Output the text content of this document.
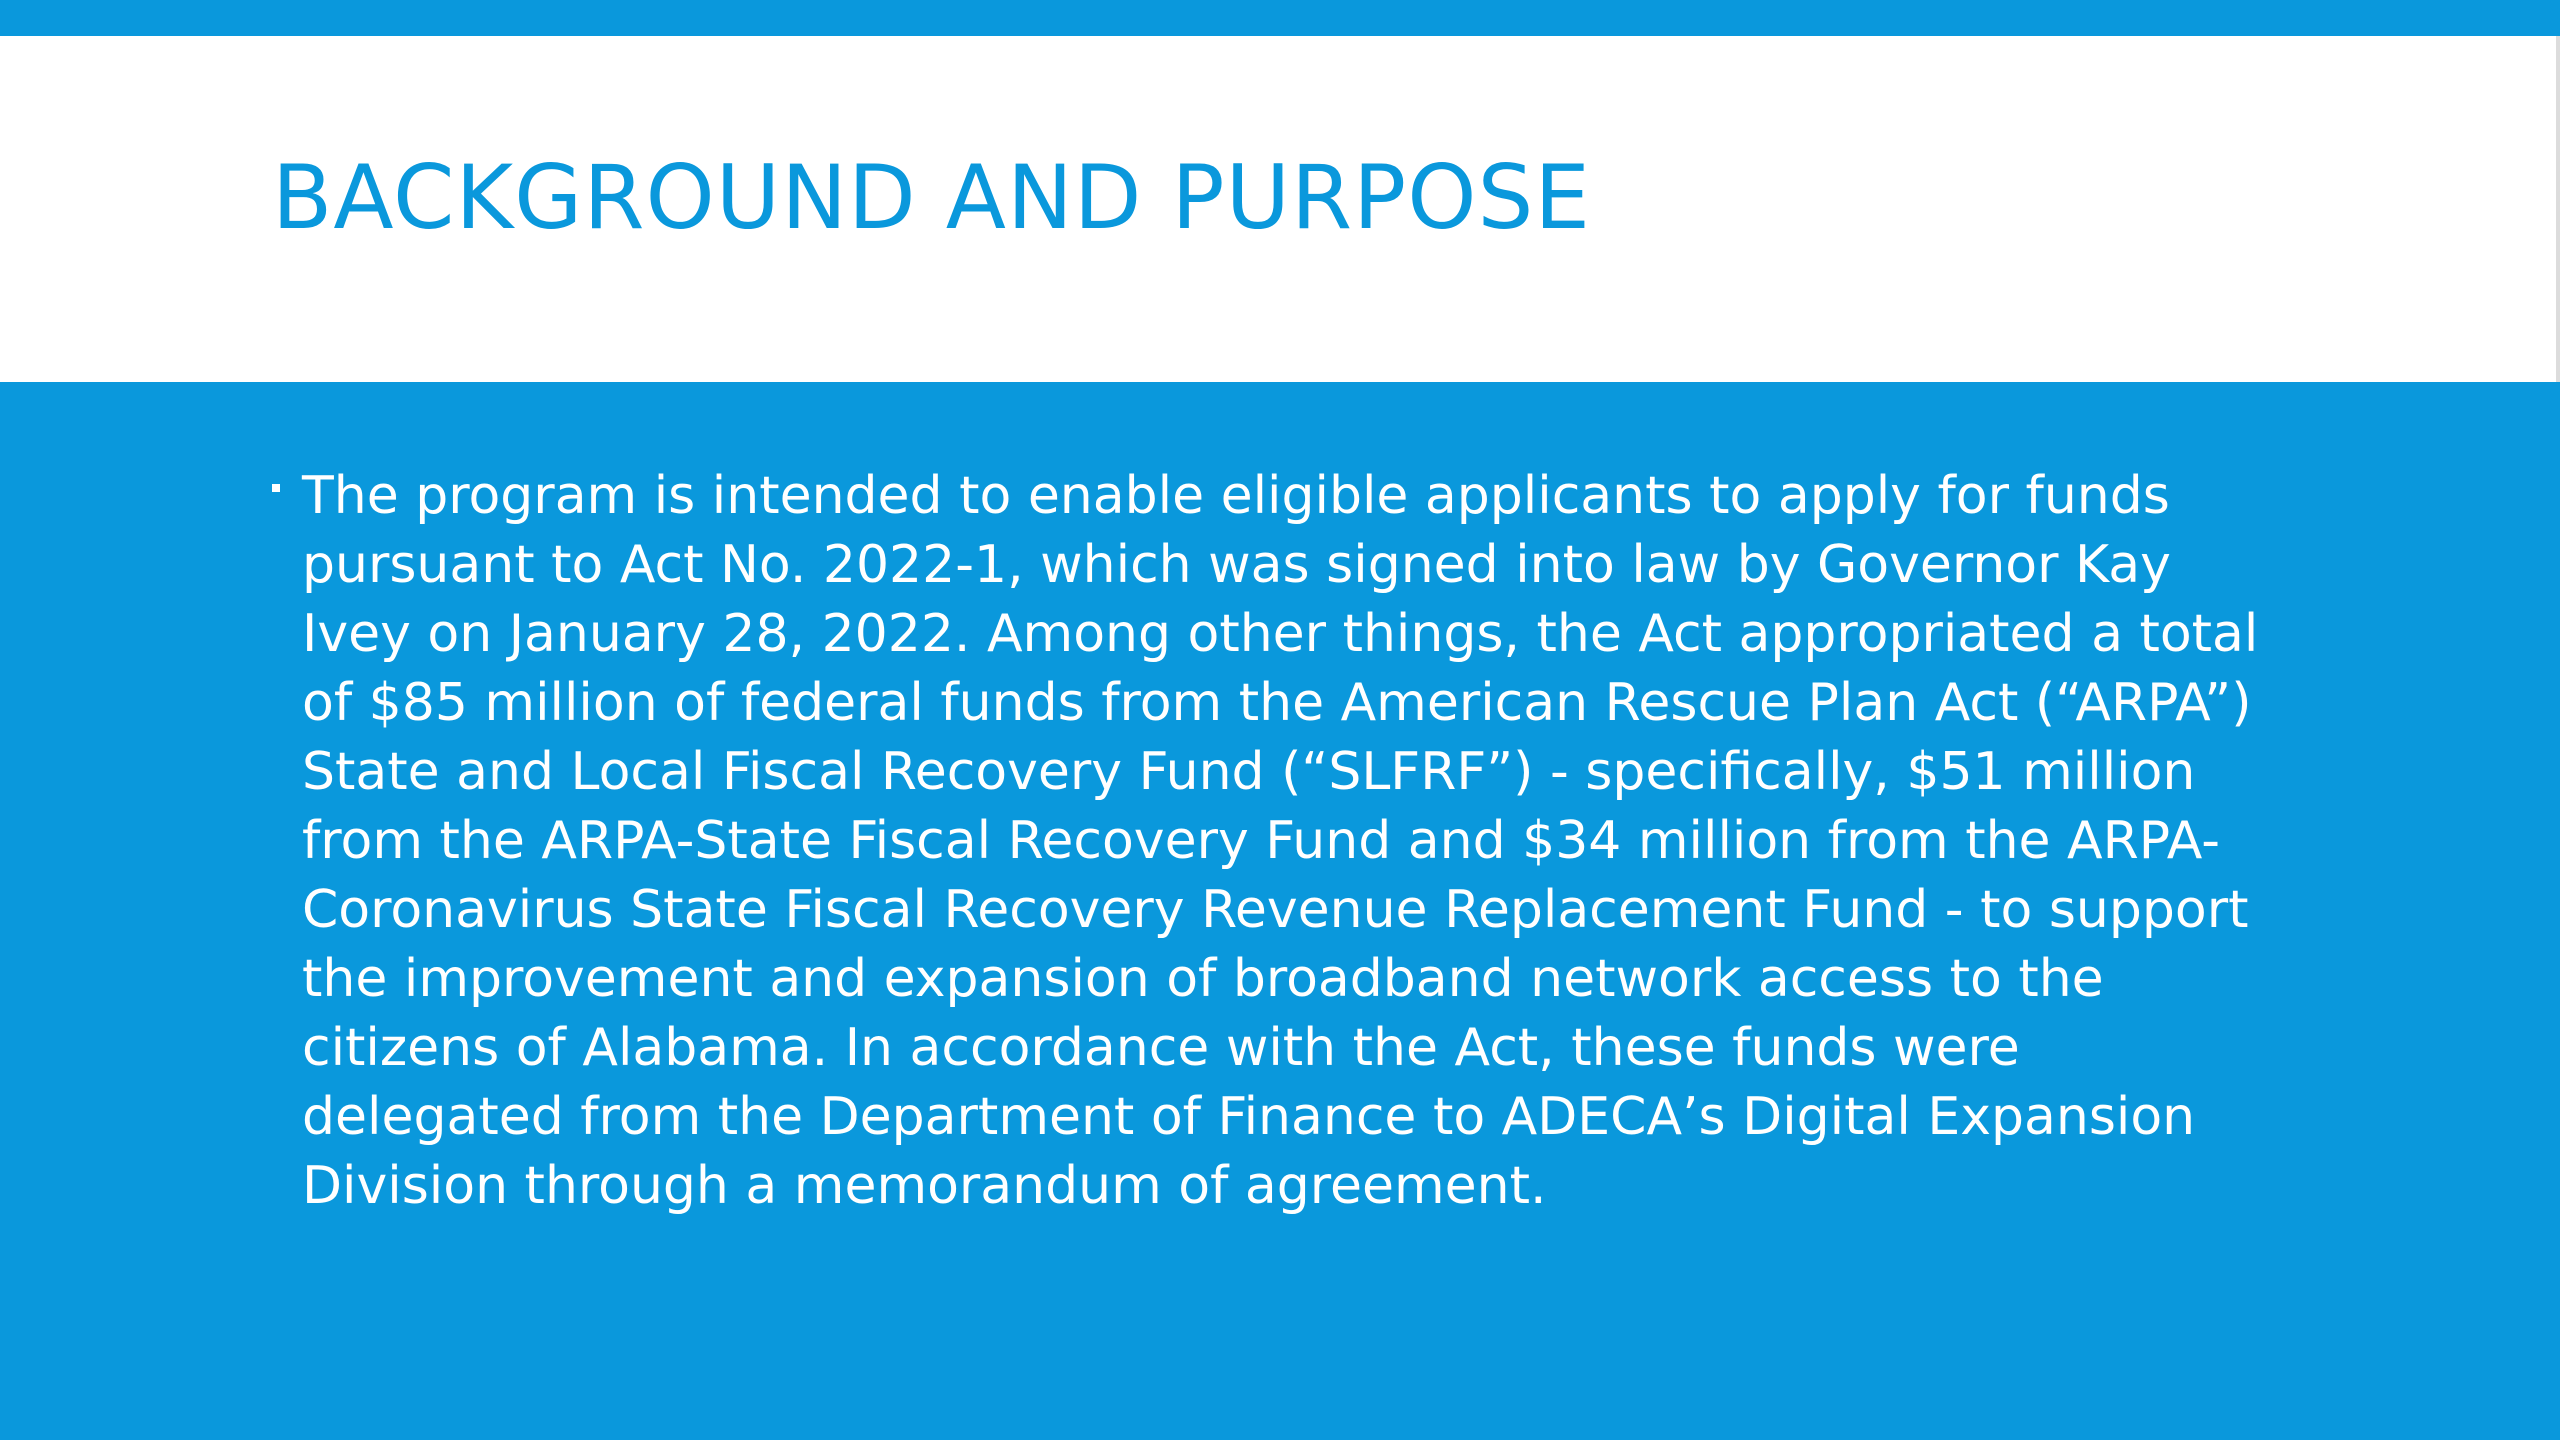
BACKGROUND AND PURPOSE

The program is intended to enable eligible applicants to apply for funds pursuant to Act No. 2022-1, which was signed into law by Governor Kay Ivey on January 28, 2022. Among other things, the Act appropriated a total of $85 million of federal funds from the American Rescue Plan Act (“ARPA”) State and Local Fiscal Recovery Fund (“SLFRF”) - specifically, $51 million from the ARPA-State Fiscal Recovery Fund and $34 million from the ARPA-Coronavirus State Fiscal Recovery Revenue Replacement Fund - to support the improvement and expansion of broadband network access to the citizens of Alabama. In accordance with the Act, these funds were delegated from the Department of Finance to ADECA’s Digital Expansion Division through a memorandum of agreement.
